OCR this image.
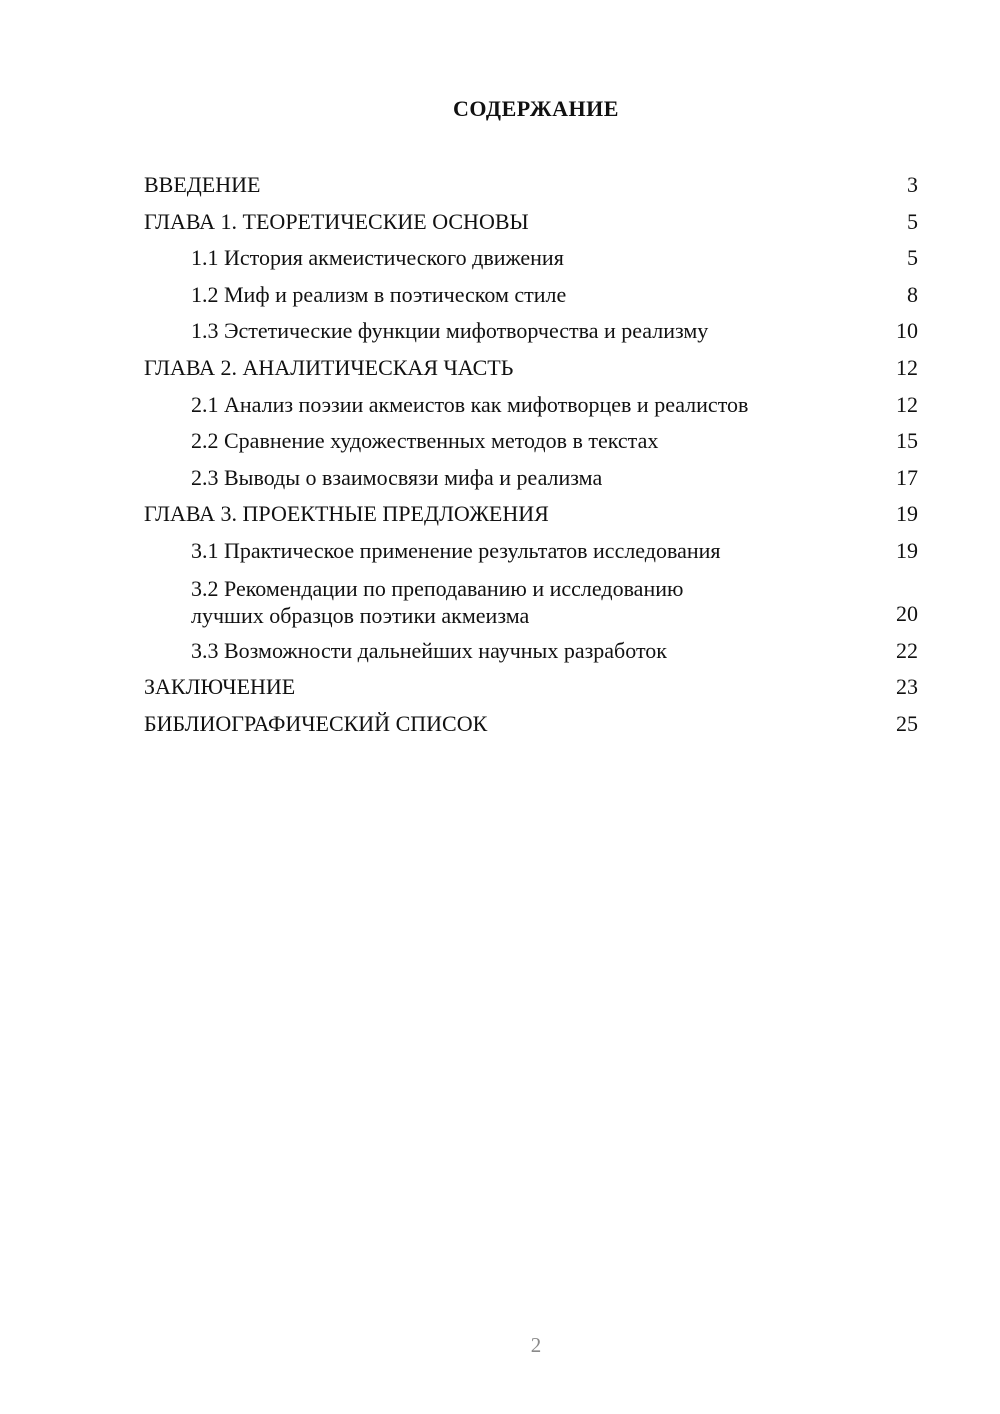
СОДЕРЖАНИЕ
ВВЕДЕНИЕ	3
ГЛАВА 1. ТЕОРЕТИЧЕСКИЕ ОСНОВЫ	5
1.1 История акмеистического движения	5
1.2 Миф и реализм в поэтическом стиле	8
1.3 Эстетические функции мифотворчества и реализму	10
ГЛАВА 2. АНАЛИТИЧЕСКАЯ ЧАСТЬ	12
2.1 Анализ поэзии акмеистов как мифотворцев и реалистов	12
2.2 Сравнение художественных методов в текстах	15
2.3 Выводы о взаимосвязи мифа и реализма	17
ГЛАВА 3. ПРОЕКТНЫЕ ПРЕДЛОЖЕНИЯ	19
3.1 Практическое применение результатов исследования	19
3.2 Рекомендации по преподаванию и исследованию лучших образцов поэтики акмеизма	20
3.3 Возможности дальнейших научных разработок	22
ЗАКЛЮЧЕНИЕ	23
БИБЛИОГРАФИЧЕСКИЙ СПИСОК	25
2
